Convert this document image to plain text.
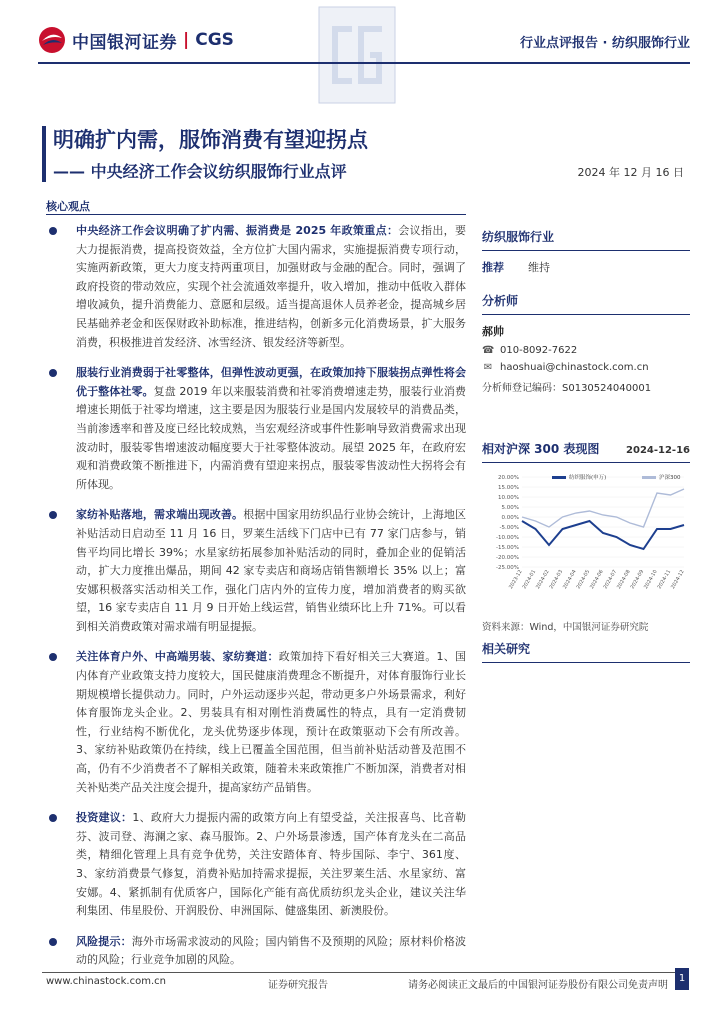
中国银河证券 | CGS	行业点评报告 · 纺织服饰行业
明确扩内需，服饰消费有望迎拐点
—— 中央经济工作会议纺织服饰行业点评	2024 年 12 月 16 日
核心观点
中央经济工作会议明确了扩内需、振消费是 2025 年政策重点：会议指出，要大力提振消费，提高投资效益，全方位扩大国内需求，实施提振消费专项行动，实施两新政策，更大力度支持两重项目，加强财政与金融的配合。同时，强调了政府投资的带动效应，实现个社会流通效率提升，收入增加，推动中低收入群体增收减负，提升消费能力、意愿和层级。适当提高退休人员养老金，提高城乡居民基础养老金和医保财政补助标准，推进结构，创新多元化消费场景，扩大服务消费，积极推进首发经济、冰雪经济、银发经济等新型。
服装行业消费弱于社零整体，但弹性波动更强，在政策加持下服装拐点弹性将会优于整体社零。复盘 2019 年以来服装消费和社零消费增速走势，服装行业消费增速长期低于社零均增速，这主要是因为服装行业是国内发展较早的消费品类，当前渗透率和普及度已经比较成熟，当宏观经济或事件性影响导致消费需求出现波动时，服装零售增速波动幅度要大于社零整体波动。展望 2025 年，在政府宏观和消费政策不断推进下，内需消费有望迎来拐点，服装零售波动性大拐将会有所体现。
家纺补贴落地，需求端出现改善。根据中国家用纺织品行业协会统计，上海地区补贴活动日启动至 11 月 16 日，罗莱生活线下门店中已有 77 家门店参与，销售平均同比增长 39%；水星家纺拓展参加补贴活动的同时，叠加企业的促销活动，扩大力度推出爆品，期间 42 家专卖店和商场店销售额增长 35% 以上；富安娜积极落实活动相关工作，强化门店内外的宣传力度，增加消费者的购买欲望，16 家专卖店自 11 月 9 日开始上线运营，销售业绩环比上升 71%。可以看到相关消费政策对需求端有明显提振。
关注体育户外、中高端男装、家纺赛道：政策加持下看好相关三大赛道。1、国内体育产业政策支持力度较大，国民健康消费理念不断提升，对体育服饰行业长期规模增长提供动力。同时，户外运动逐步兴起，带动更多户外场景需求，利好体育服饰龙头企业。2、男装具有相对刚性消费属性的特点，具有一定消费韧性，行业结构不断优化，龙头优势逐步体现，预计在政策驱动下会有所改善。3、家纺补贴政策仍在持续，线上已覆盖全国范围，但当前补贴活动普及范围不高，仍有不少消费者不了解相关政策，随着未来政策推广不断加深，消费者对相关补贴类产品关注度会提升，提高家纺产品销售。
投资建议：1、政府大力提振内需的政策方向上有望受益，关注报喜鸟、比音勒芬、波司登、海澜之家、森马服饰。2、户外场景渗透，国产体育龙头在二高品类，精细化管理上具有竞争优势，关注安踏体育、特步国际、李宁、361度、3、家纺消费景气修复，消费补贴加持需求提振，关注罗莱生活、水星家纺、富安娜。4、紧抓制有优质客户，国际化产能有高优质纺织龙头企业，建议关注华利集团、伟星股份、开润股份、申洲国际、健盛集团、新澳股份。
风险提示：海外市场需求波动的风险；国内销售不及预期的风险；原材料价格波动的风险；行业竞争加剧的风险。
纺织服饰行业
推荐 维持
分析师
郝帅
☎ 010-8092-7622
✉ haoshuai@chinastock.com.cn
分析师登记编码：S0130524040001
相对沪深 300 表现图	2024-12-16
20.00%
15.00%
10.00%
5.00%
0.00%
-5.00%
-10.00%
-15.00%
-20.00%
-25.00%
2023-12
2024-01
2024-02
2024-03
2024-04
2024-05
2024-06
2024-07
2024-08
2024-09
2024-10
2024-11
2024-12
纺织服饰(申万)	沪深300
资料来源：Wind，中国银河证券研究院
相关研究
www.chinastock.com.cn	证券研究报告	请务必阅读正文最后的中国银河证券股份有限公司免责声明
1
